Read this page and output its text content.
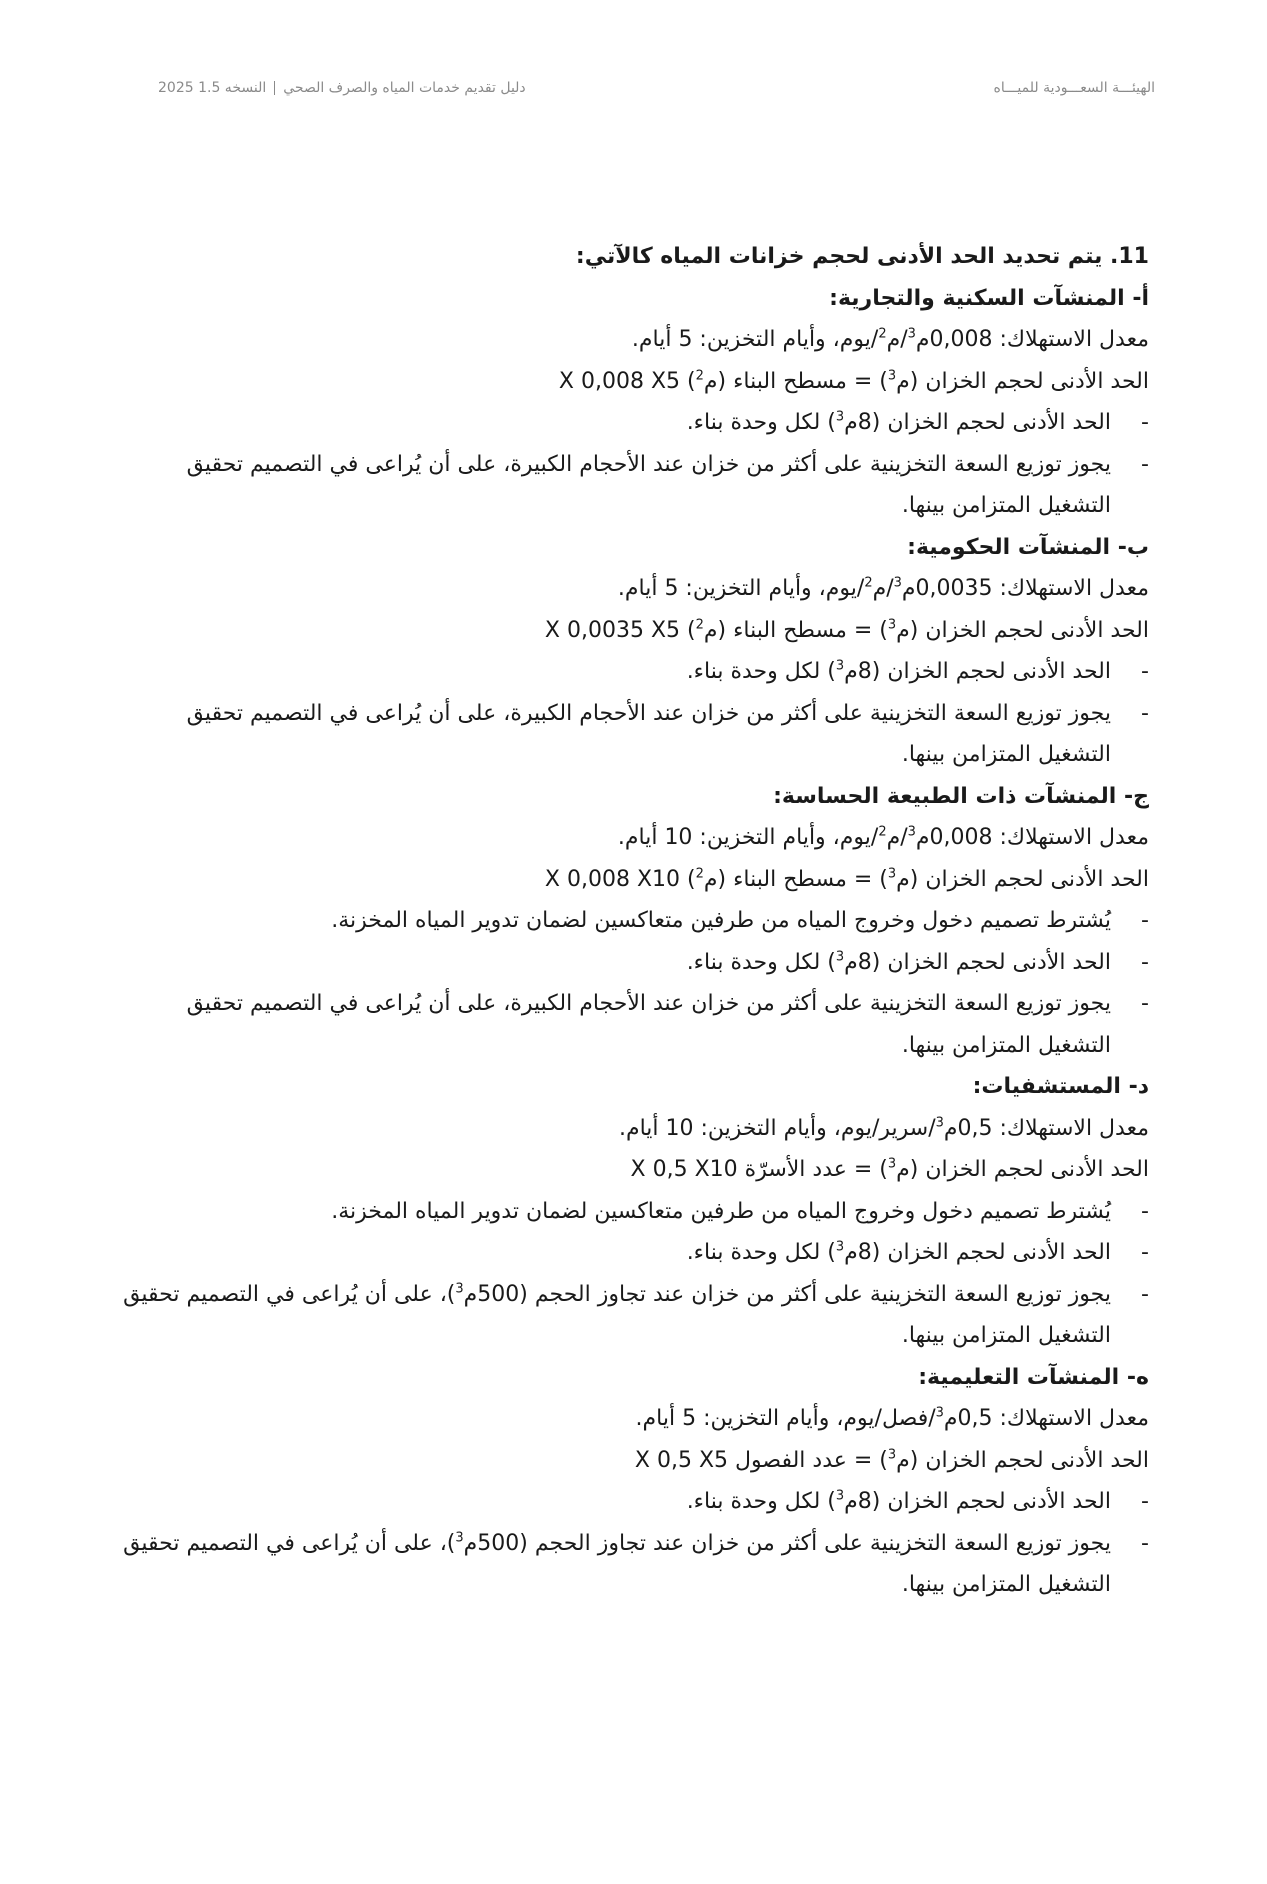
الهيئـــة السعـــودية للميـــاه
دليل تقديم خدمات المياه والصرف الصحيالنسخه 1.5 2025

11. يتم تحديد الحد الأدنى لحجم خزانات المياه كالآتي:

أ- المنشآت السكنية والتجارية:

معدل الاستهلاك: 0,008م$^3$/م$^2$/يوم، وأيام التخزين: 5 أيام.

الحد الأدنى لحجم الخزان (م$^3$) = مسطح البناء (م$^2$) X 0,008 X5

-الحد الأدنى لحجم الخزان (8م$^3$) لكل وحدة بناء.

-يجوز توزيع السعة التخزينية على أكثر من خزان عند الأحجام الكبيرة، على أن يُراعى في التصميم تحقيق التشغيل المتزامن بينها.

ب- المنشآت الحكومية:

معدل الاستهلاك: 0,0035م$^3$/م$^2$/يوم، وأيام التخزين: 5 أيام.

الحد الأدنى لحجم الخزان (م$^3$) = مسطح البناء (م$^2$) X 0,0035 X5

-الحد الأدنى لحجم الخزان (8م$^3$) لكل وحدة بناء.

-يجوز توزيع السعة التخزينية على أكثر من خزان عند الأحجام الكبيرة، على أن يُراعى في التصميم تحقيق التشغيل المتزامن بينها.

ج- المنشآت ذات الطبيعة الحساسة:

معدل الاستهلاك: 0,008م$^3$/م$^2$/يوم، وأيام التخزين: 10 أيام.

الحد الأدنى لحجم الخزان (م$^3$) = مسطح البناء (م$^2$) X 0,008 X10

-يُشترط تصميم دخول وخروج المياه من طرفين متعاكسين لضمان تدوير المياه المخزنة.

-الحد الأدنى لحجم الخزان (8م$^3$) لكل وحدة بناء.

-يجوز توزيع السعة التخزينية على أكثر من خزان عند الأحجام الكبيرة، على أن يُراعى في التصميم تحقيق التشغيل المتزامن بينها.

د- المستشفيات:

معدل الاستهلاك: 0,5م$^3$/سرير/يوم، وأيام التخزين: 10 أيام.

الحد الأدنى لحجم الخزان (م$^3$) = عدد الأسرّة X 0,5 X10

-يُشترط تصميم دخول وخروج المياه من طرفين متعاكسين لضمان تدوير المياه المخزنة.

-الحد الأدنى لحجم الخزان (8م$^3$) لكل وحدة بناء.

-يجوز توزيع السعة التخزينية على أكثر من خزان عند تجاوز الحجم (500م$^3$)، على أن يُراعى في التصميم تحقيق التشغيل المتزامن بينها.

ه- المنشآت التعليمية:

معدل الاستهلاك: 0,5م$^3$/فصل/يوم، وأيام التخزين: 5 أيام.

الحد الأدنى لحجم الخزان (م$^3$) = عدد الفصول X 0,5 X5

-الحد الأدنى لحجم الخزان (8م$^3$) لكل وحدة بناء.

-يجوز توزيع السعة التخزينية على أكثر من خزان عند تجاوز الحجم (500م$^3$)، على أن يُراعى في التصميم تحقيق التشغيل المتزامن بينها.
